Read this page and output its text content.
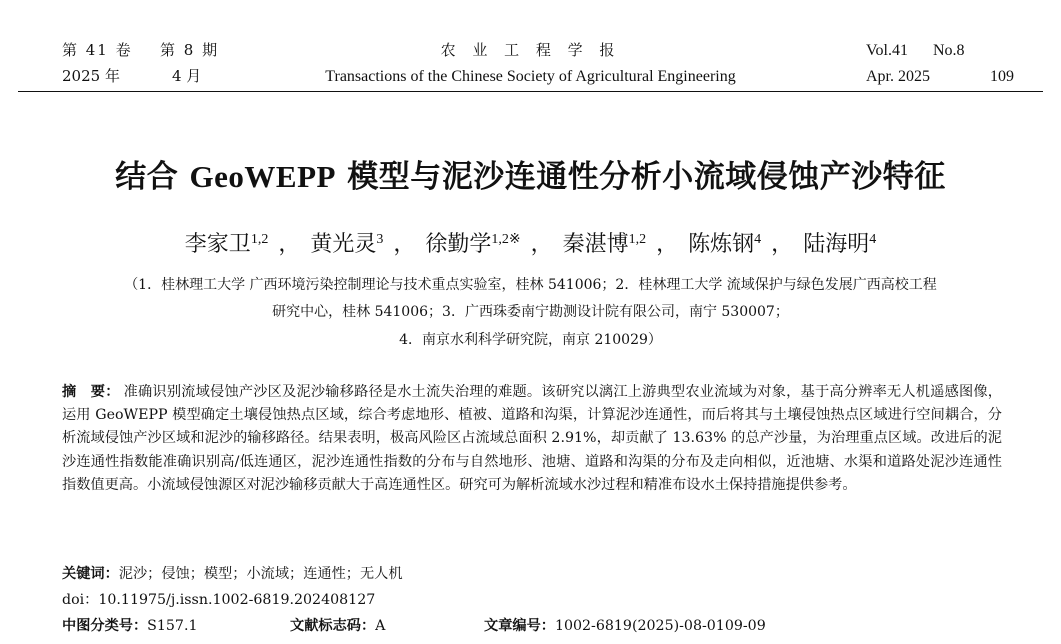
第 41 卷 第 8 期	农 业 工 程 学 报	Vol.41 No.8
2025 年	4 月	Transactions of the Chinese Society of Agricultural Engineering	Apr. 2025	109
结合 GeoWEPP 模型与泥沙连通性分析小流域侵蚀产沙特征
李家卫$^{1,2}$ ， 黄光灵$^3$ ， 徐勤学$^{1,2※}$ ， 秦湛博$^{1,2}$ ， 陈炼钢$^4$ ， 陆海明$^4$
（1．桂林理工大学 广西环境污染控制理论与技术重点实验室，桂林 541006；2．桂林理工大学 流域保护与绿色发展广西高校工程
研究中心，桂林 541006；3．广西珠委南宁勘测设计院有限公司，南宁 530007；
4．南京水利科学研究院，南京 210029）
摘　要： 准确识别流域侵蚀产沙区及泥沙输移路径是水土流失治理的难题。该研究以漓江上游典型农业流域为对象，基于高分辨率无人机遥感图像，运用 GeoWEPP 模型确定土壤侵蚀热点区域，综合考虑地形、植被、道路和沟渠，计算泥沙连通性，而后将其与土壤侵蚀热点区域进行空间耦合，分析流域侵蚀产沙区域和泥沙的输移路径。结果表明，极高风险区占流域总面积 2.91%，却贡献了 13.63% 的总产沙量，为治理重点区域。改进后的泥沙连通性指数能准确识别高/低连通区，泥沙连通性指数的分布与自然地形、池塘、道路和沟渠的分布及走向相似，近池塘、水渠和道路处泥沙连通性指数值更高。小流域侵蚀源区对泥沙输移贡献大于高连通性区。研究可为解析流域水沙过程和精准布设水土保持措施提供参考。
关键词：泥沙；侵蚀；模型；小流域；连通性；无人机
doi：10.11975/j.issn.1002-6819.202408127
中图分类号：S157.1	文献标志码：A	文章编号：1002-6819(2025)-08-0109-09
